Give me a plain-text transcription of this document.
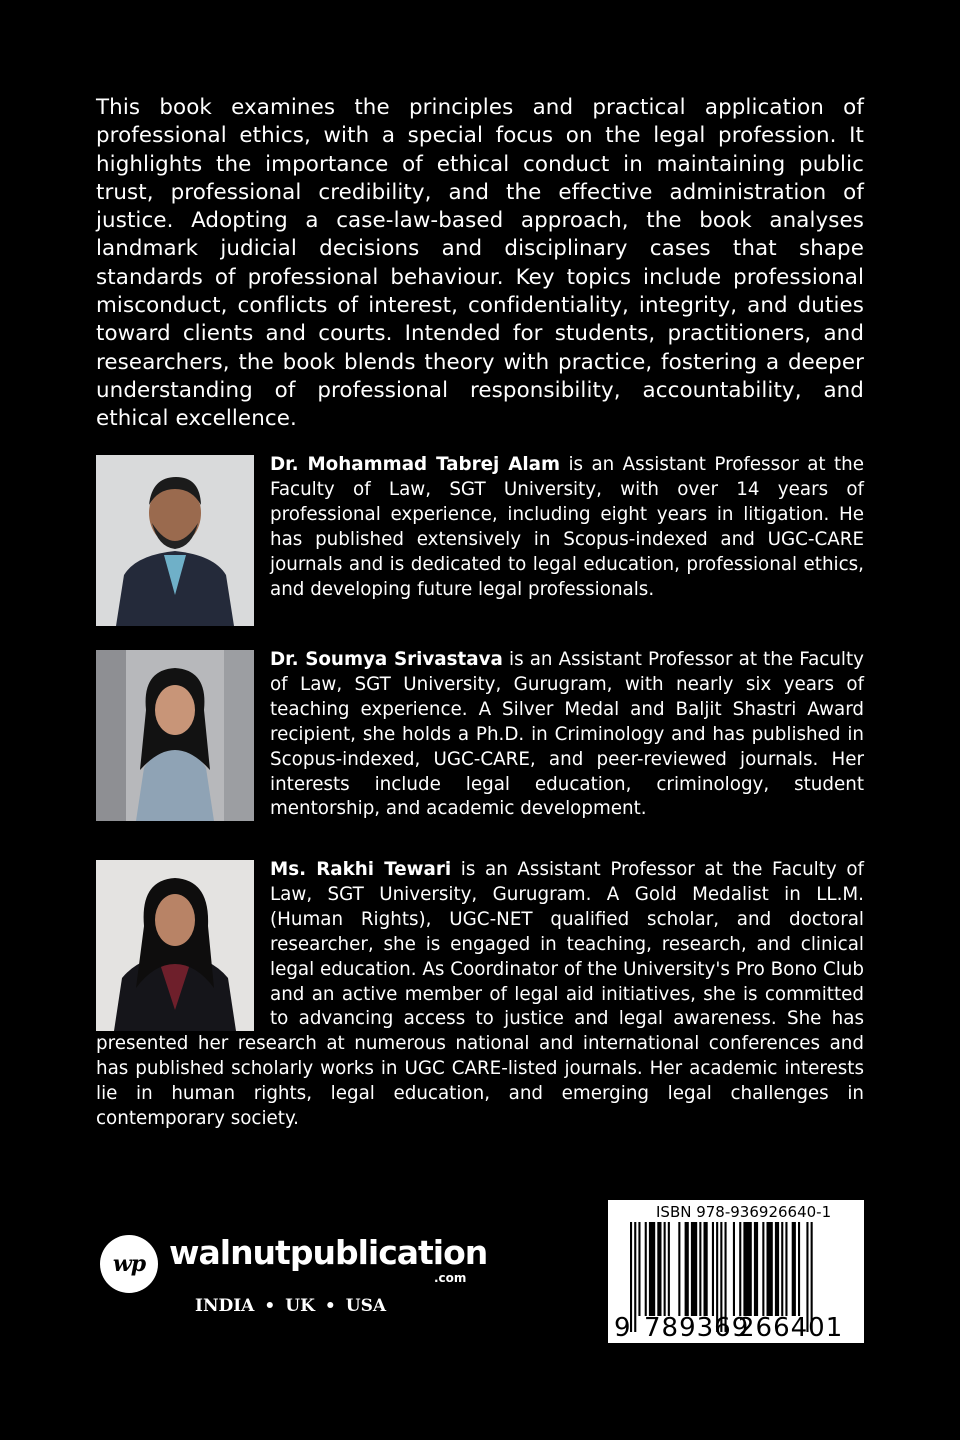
This book examines the principles and practical application of professional ethics, with a special focus on the legal profession. It highlights the importance of ethical conduct in maintaining public trust, professional credibility, and the effective administration of justice. Adopting a case-law-based approach, the book analyses landmark judicial decisions and disciplinary cases that shape standards of professional behaviour. Key topics include professional misconduct, conflicts of interest, confidentiality, integrity, and duties toward clients and courts. Intended for students, practitioners, and researchers, the book blends theory with practice, fostering a deeper understanding of professional responsibility, accountability, and ethical excellence.

Dr. Mohammad Tabrej Alam is an Assistant Professor at the Faculty of Law, SGT University, with over 14 years of professional experience, including eight years in litigation. He has published extensively in Scopus-indexed and UGC-CARE journals and is dedicated to legal education, professional ethics, and developing future legal professionals.
Dr. Soumya Srivastava is an Assistant Professor at the Faculty of Law, SGT University, Gurugram, with nearly six years of teaching experience. A Silver Medal and Baljit Shastri Award recipient, she holds a Ph.D. in Criminology and has published in Scopus-indexed, UGC-CARE, and peer-reviewed journals. Her interests include legal education, criminology, student mentorship, and academic development.
Ms. Rakhi Tewari is an Assistant Professor at the Faculty of Law, SGT University, Gurugram. A Gold Medalist in LL.M. (Human Rights), UGC-NET qualified scholar, and doctoral researcher, she is engaged in teaching, research, and clinical legal education. As Coordinator of the University's Pro Bono Club and an active member of legal aid initiatives, she is committed to advancing access to justice and legal awareness. She has presented her research at numerous national and international conferences and has published scholarly works in UGC CARE-listed journals. Her academic interests lie in human rights, legal education, and emerging legal challenges in contemporary society.
wp walnutpublication
.com
INDIA • UK • USA
ISBN 978-936926640-1
9 789369
266401
